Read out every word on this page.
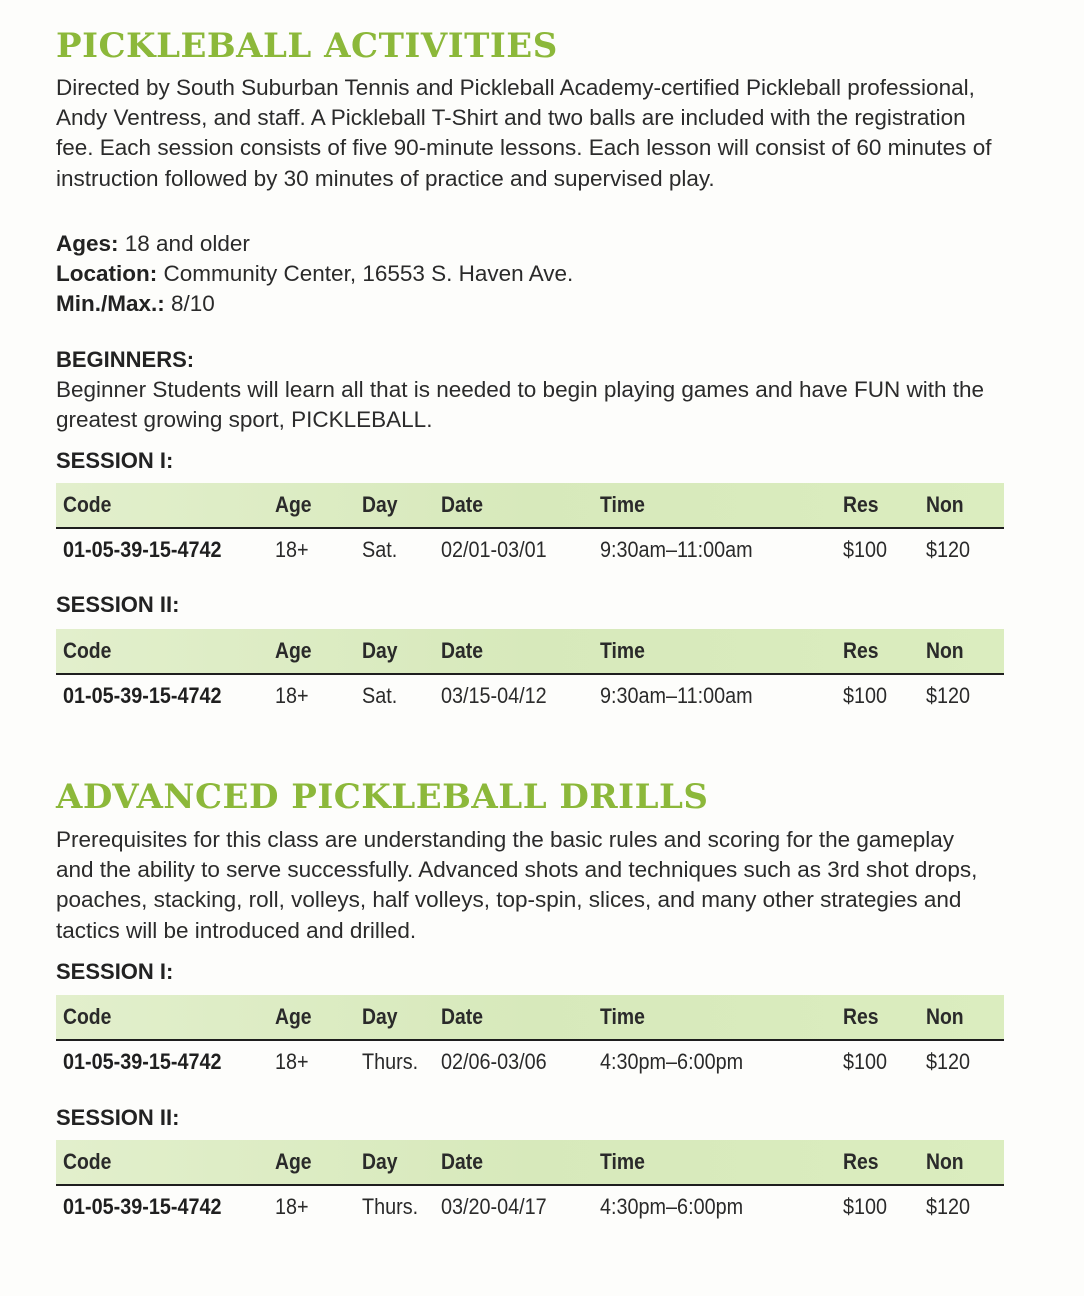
PICKLEBALL ACTIVITIES

Directed by South Suburban Tennis and Pickleball Academy-certified Pickleball professional, Andy Ventress, and staff. A Pickleball T-Shirt and two balls are included with the registration fee. Each session consists of five 90-minute lessons. Each lesson will consist of 60 minutes of instruction followed by 30 minutes of practice and supervised play.

Ages: 18 and older

Location: Community Center, 16553 S. Haven Ave.

Min./Max.: 8/10

BEGINNERS:

Beginner Students will learn all that is needed to begin playing games and have FUN with the greatest growing sport, PICKLEBALL.

SESSION I:
Code	Age Day Date	Time	Res Non
01-05-39-15-4742 18+ Sat. 02/01-03/01 9:30am–11:00am	$100 $120
SESSION II:
Code	Age Day Date	Time	Res Non
01-05-39-15-4742 18+ Sat. 03/15-04/12 9:30am–11:00am	$100 $120
ADVANCED PICKLEBALL DRILLS

Prerequisites for this class are understanding the basic rules and scoring for the gameplay and the ability to serve successfully. Advanced shots and techniques such as 3rd shot drops, poaches, stacking, roll, volleys, half volleys, top-spin, slices, and many other strategies and tactics will be introduced and drilled.

SESSION I:
Code	Age Day Date	Time	Res Non
01-05-39-15-4742 18+ Thurs. 02/06-03/06 4:30pm–6:00pm	$100 $120
SESSION II:
Code	Age Day Date	Time	Res Non
01-05-39-15-4742 18+ Thurs. 03/20-04/17 4:30pm–6:00pm	$100 $120
